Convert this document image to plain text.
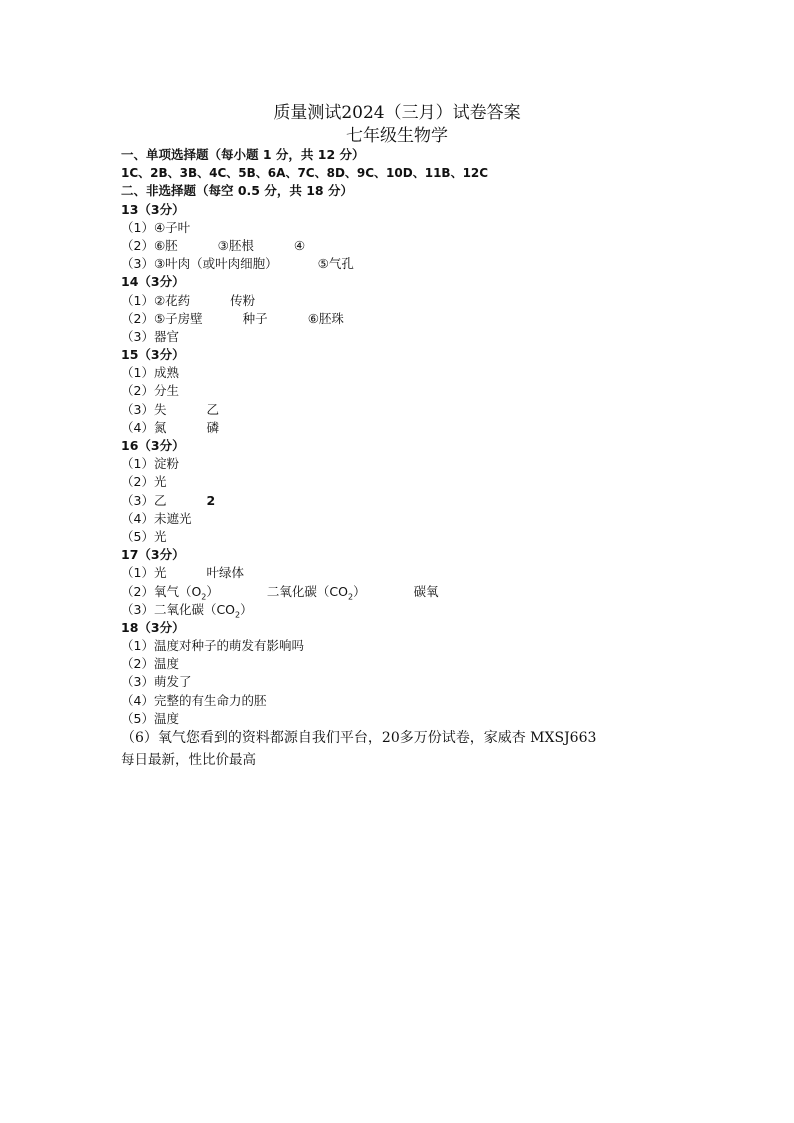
质量测试2024（三月）试卷答案
七年级生物学
一、单项选择题（每小题 1 分，共 12 分）
1C、2B、3B、4C、5B、6A、7C、8D、9C、10D、11B、12C
二、非选择题（每空 0.5 分，共 18 分）
13（3分）
（1）④子叶
（2）⑥胚	③胚根	④
（3）③叶肉（或叶肉细胞）	⑤气孔
14（3分）
（1）②花药	传粉
（2）⑤子房壁	种子	⑥胚珠
（3）器官
15（3分）
（1）成熟
（2）分生
（3）失	乙
（4）氮	磷
16（3分）
（1）淀粉
（2）光
（3）乙	2
（4）未遮光
（5）光
17（3分）
（1）光	叶绿体
（2）氧气$(O_2)$	二氧化碳$(CO_2)$	碳氧
（3）二氧化碳$(CO_2)$
18（3分）
（1）温度对种子的萌发有影响吗
（2）温度
（3）萌发了
（4）完整的有生命力的胚
（5）温度
（6）氧气您看到的资料都源自我们平台，20多万份试卷，家威杏 MXSJ663
每日最新，性比价最高
